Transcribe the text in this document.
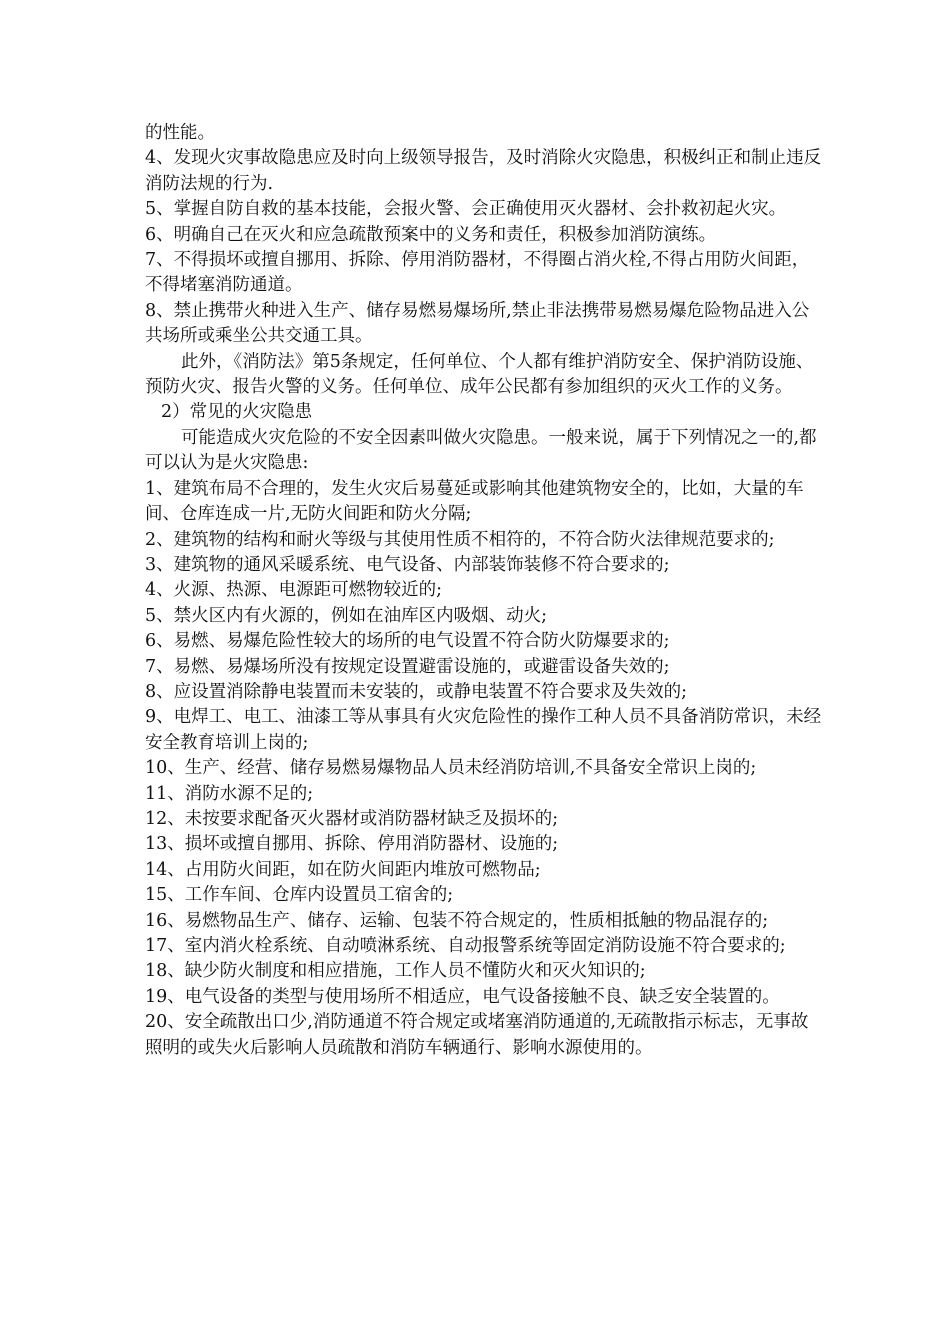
的性能。

4、发现火灾事故隐患应及时向上级领导报告，及时消除火灾隐患，积极纠正和制止违反消防法规的行为.

5、掌握自防自救的基本技能，会报火警、会正确使用灭火器材、会扑救初起火灾。

6、明确自己在灭火和应急疏散预案中的义务和责任，积极参加消防演练。

7、不得损坏或擅自挪用、拆除、停用消防器材，不得圈占消火栓,不得占用防火间距，不得堵塞消防通道。

8、禁止携带火种进入生产、储存易燃易爆场所,禁止非法携带易燃易爆危险物品进入公共场所或乘坐公共交通工具。

此外，《消防法》第5条规定，任何单位、个人都有维护消防安全、保护消防设施、预防火灾、报告火警的义务。任何单位、成年公民都有参加组织的灭火工作的义务。

2）常见的火灾隐患

可能造成火灾危险的不安全因素叫做火灾隐患。一般来说，属于下列情况之一的,都可以认为是火灾隐患:

1、建筑布局不合理的，发生火灾后易蔓延或影响其他建筑物安全的，比如，大量的车间、仓库连成一片,无防火间距和防火分隔;

2、建筑物的结构和耐火等级与其使用性质不相符的，不符合防火法律规范要求的;

3、建筑物的通风采暖系统、电气设备、内部装饰装修不符合要求的;

4、火源、热源、电源距可燃物较近的;

5、禁火区内有火源的，例如在油库区内吸烟、动火;

6、易燃、易爆危险性较大的场所的电气设置不符合防火防爆要求的;

7、易燃、易爆场所没有按规定设置避雷设施的，或避雷设备失效的;

8、应设置消除静电装置而未安装的，或静电装置不符合要求及失效的;

9、电焊工、电工、油漆工等从事具有火灾危险性的操作工种人员不具备消防常识，未经安全教育培训上岗的;

10、生产、经营、储存易燃易爆物品人员未经消防培训,不具备安全常识上岗的;

11、消防水源不足的;

12、未按要求配备灭火器材或消防器材缺乏及损坏的;

13、损坏或擅自挪用、拆除、停用消防器材、设施的;

14、占用防火间距，如在防火间距内堆放可燃物品;

15、工作车间、仓库内设置员工宿舍的;

16、易燃物品生产、储存、运输、包装不符合规定的，性质相抵触的物品混存的;

17、室内消火栓系统、自动喷淋系统、自动报警系统等固定消防设施不符合要求的;

18、缺少防火制度和相应措施，工作人员不懂防火和灭火知识的;

19、电气设备的类型与使用场所不相适应，电气设备接触不良、缺乏安全装置的。

20、安全疏散出口少,消防通道不符合规定或堵塞消防通道的,无疏散指示标志，无事故照明的或失火后影响人员疏散和消防车辆通行、影响水源使用的。
